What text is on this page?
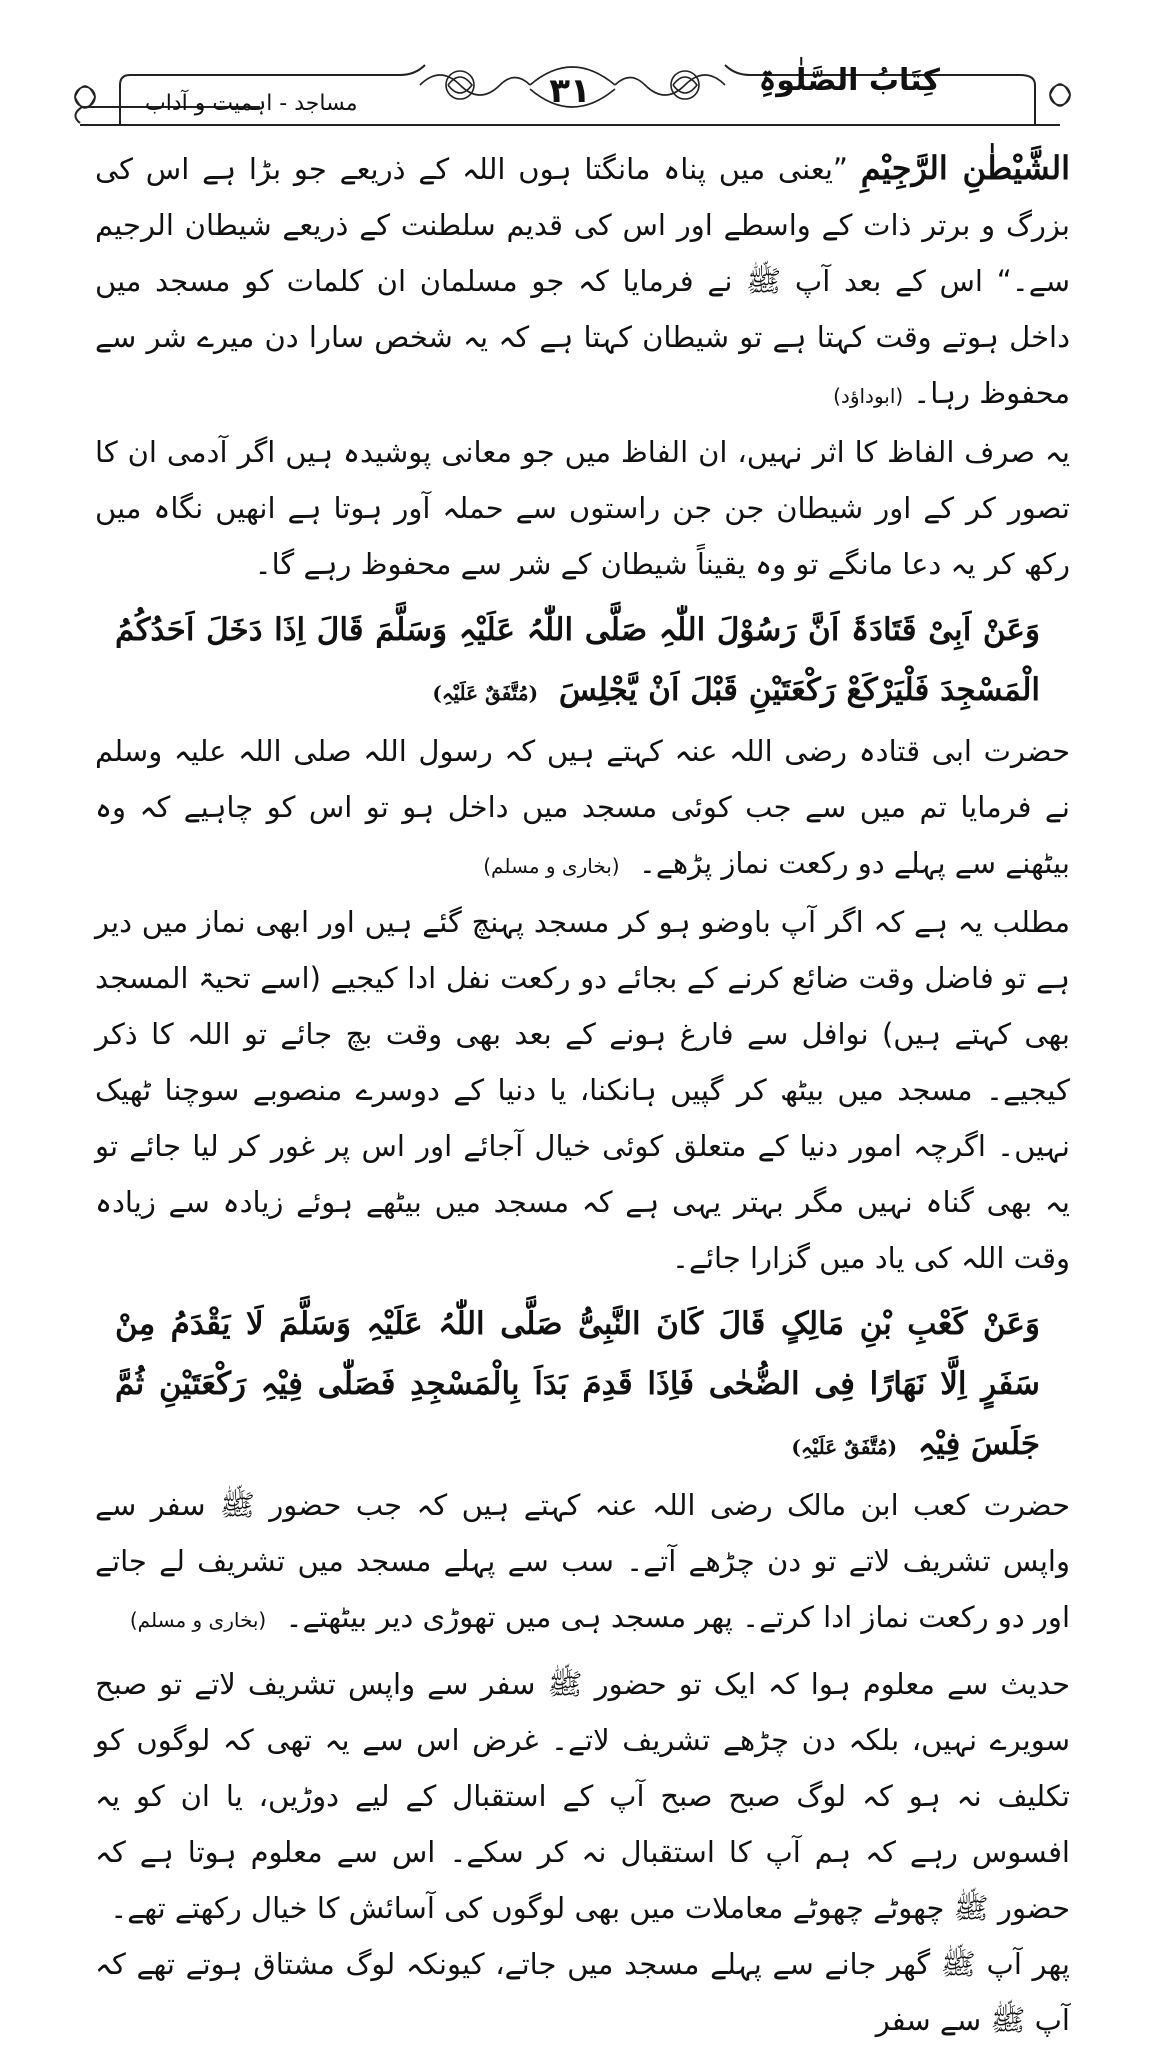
کِتَابُ الصَّلٰوۃِ
۳۱
مساجد - اہمیت و آداب

الشَّیْطٰنِ الرَّجِیْمِ ”یعنی میں پناہ مانگتا ہوں اللہ کے ذریعے جو بڑا ہے اس کی بزرگ و برتر ذات کے واسطے اور اس کی قدیم سلطنت کے ذریعے شیطان الرجیم سے۔“ اس کے بعد آپ ﷺ نے فرمایا کہ جو مسلمان ان کلمات کو مسجد میں داخل ہوتے وقت کہتا ہے تو شیطان کہتا ہے کہ یہ شخص سارا دن میرے شر سے محفوظ رہا۔(ابوداؤد)

یہ صرف الفاظ کا اثر نہیں، ان الفاظ میں جو معانی پوشیدہ ہیں اگر آدمی ان کا تصور کر کے اور شیطان جن جن راستوں سے حملہ آور ہوتا ہے انھیں نگاہ میں رکھ کر یہ دعا مانگے تو وہ یقیناً شیطان کے شر سے محفوظ رہے گا۔

وَعَنْ اَبِیْ قَتَادَۃَ اَنَّ رَسُوْلَ اللّٰہِ صَلَّی اللّٰہُ عَلَیْہِ وَسَلَّمَ قَالَ اِذَا دَخَلَ اَحَدُکُمُ الْمَسْجِدَ فَلْیَرْکَعْ رَکْعَتَیْنِ قَبْلَ اَنْ یَّجْلِسَ (مُتَّفَقٌ عَلَیْہِ)

حضرت ابی قتادہ رضی اللہ عنہ کہتے ہیں کہ رسول اللہ صلی اللہ علیہ وسلم نے فرمایا تم میں سے جب کوئی مسجد میں داخل ہو تو اس کو چاہیے کہ وہ بیٹھنے سے پہلے دو رکعت نماز پڑھے۔ (بخاری و مسلم)

مطلب یہ ہے کہ اگر آپ باوضو ہو کر مسجد پہنچ گئے ہیں اور ابھی نماز میں دیر ہے تو فاضل وقت ضائع کرنے کے بجائے دو رکعت نفل ادا کیجیے (اسے تحیۃ المسجد بھی کہتے ہیں) نوافل سے فارغ ہونے کے بعد بھی وقت بچ جائے تو اللہ کا ذکر کیجیے۔ مسجد میں بیٹھ کر گپیں ہانکنا، یا دنیا کے دوسرے منصوبے سوچنا ٹھیک نہیں۔ اگرچہ امور دنیا کے متعلق کوئی خیال آجائے اور اس پر غور کر لیا جائے تو یہ بھی گناہ نہیں مگر بہتر یہی ہے کہ مسجد میں بیٹھے ہوئے زیادہ سے زیادہ وقت اللہ کی یاد میں گزارا جائے۔

وَعَنْ کَعْبِ بْنِ مَالِکٍ قَالَ کَانَ النَّبِیُّ صَلَّی اللّٰہُ عَلَیْہِ وَسَلَّمَ لَا یَقْدَمُ مِنْ سَفَرٍ اِلَّا نَهَارًا فِی الضُّحٰی فَاِذَا قَدِمَ بَدَاَ بِالْمَسْجِدِ فَصَلّٰی فِیْہِ رَکْعَتَیْنِ ثُمَّ جَلَسَ فِیْہِ (مُتَّفَقٌ عَلَیْہِ)

حضرت کعب ابن مالک رضی اللہ عنہ کہتے ہیں کہ جب حضور ﷺ سفر سے واپس تشریف لاتے تو دن چڑھے آتے۔ سب سے پہلے مسجد میں تشریف لے جاتے اور دو رکعت نماز ادا کرتے۔ پھر مسجد ہی میں تھوڑی دیر بیٹھتے۔ (بخاری و مسلم)

حدیث سے معلوم ہوا کہ ایک تو حضور ﷺ سفر سے واپس تشریف لاتے تو صبح سویرے نہیں، بلکہ دن چڑھے تشریف لاتے۔ غرض اس سے یہ تھی کہ لوگوں کو تکلیف نہ ہو کہ لوگ صبح صبح آپ کے استقبال کے لیے دوڑیں، یا ان کو یہ افسوس رہے کہ ہم آپ کا استقبال نہ کر سکے۔ اس سے معلوم ہوتا ہے کہ حضور ﷺ چھوٹے چھوٹے معاملات میں بھی لوگوں کی آسائش کا خیال رکھتے تھے۔

پھر آپ ﷺ گھر جانے سے پہلے مسجد میں جاتے، کیونکہ لوگ مشتاق ہوتے تھے کہ آپ ﷺ سے سفر
